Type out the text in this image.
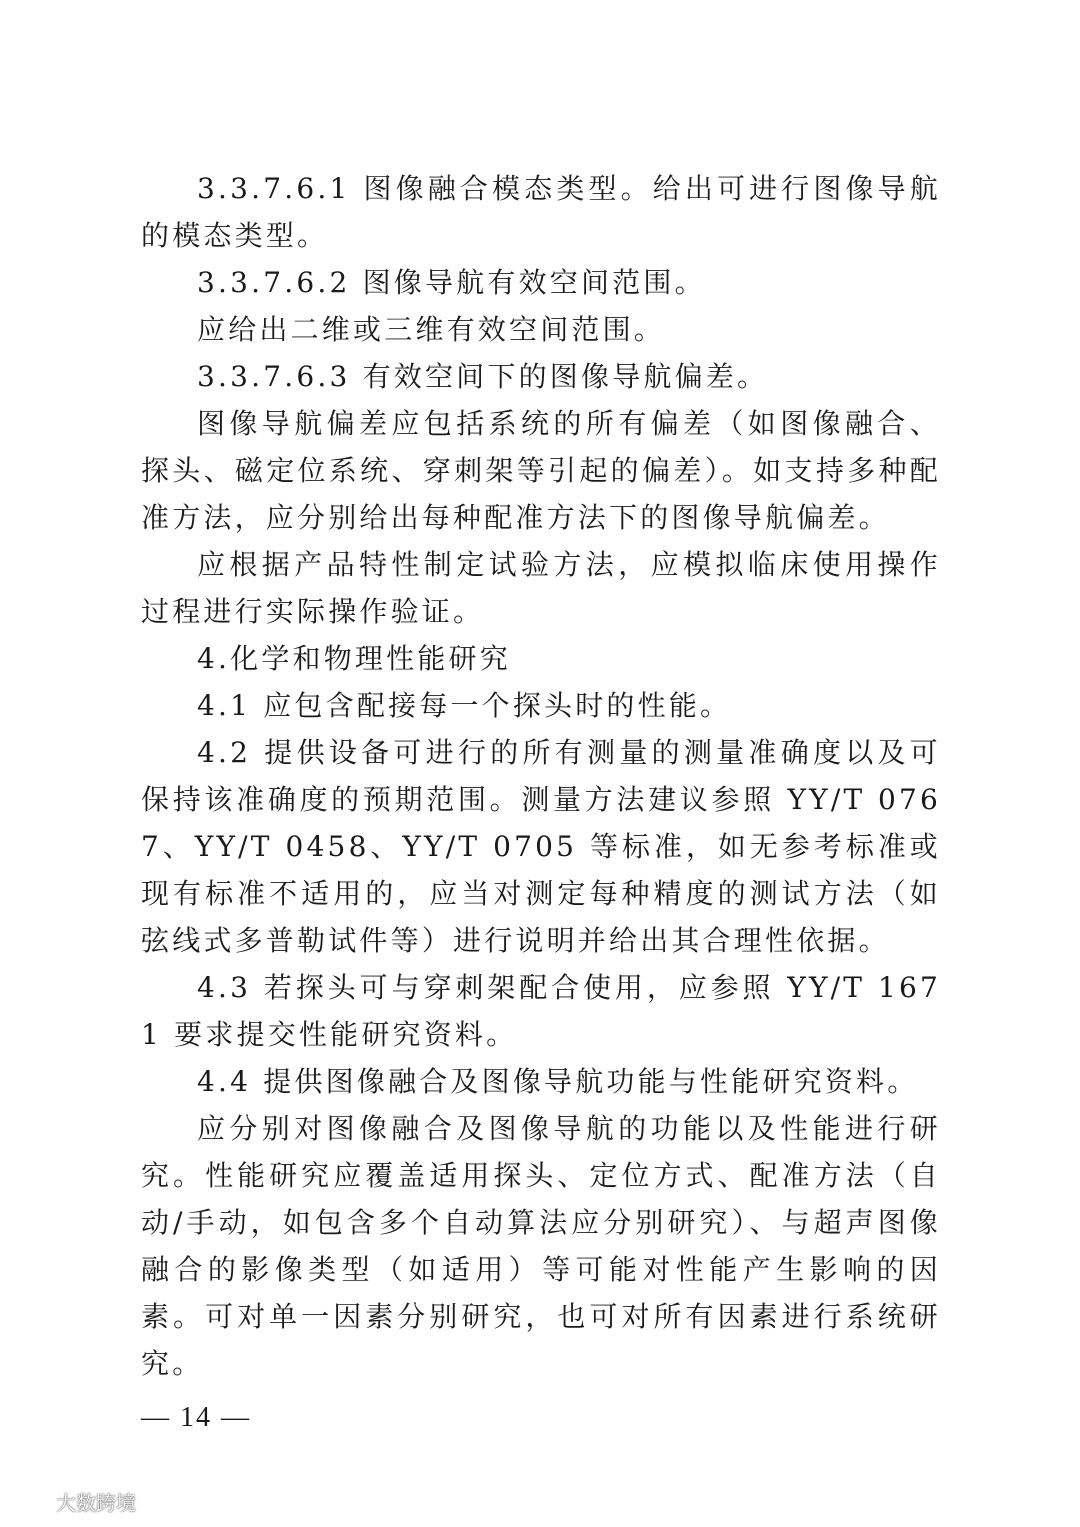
3.3.7.6.1 图像融合模态类型。给出可进行图像导航的模态类型。

3.3.7.6.2 图像导航有效空间范围。

应给出二维或三维有效空间范围。

3.3.7.6.3 有效空间下的图像导航偏差。

图像导航偏差应包括系统的所有偏差（如图像融合、探头、磁定位系统、穿刺架等引起的偏差）。如支持多种配准方法，应分别给出每种配准方法下的图像导航偏差。

应根据产品特性制定试验方法，应模拟临床使用操作过程进行实际操作验证。

4.化学和物理性能研究

4.1 应包含配接每一个探头时的性能。

4.2 提供设备可进行的所有测量的测量准确度以及可保持该准确度的预期范围。测量方法建议参照 YY/T 0767、YY/T 0458、YY/T 0705 等标准，如无参考标准或现有标准不适用的，应当对测定每种精度的测试方法（如弦线式多普勒试件等）进行说明并给出其合理性依据。

4.3 若探头可与穿刺架配合使用，应参照 YY/T 1671 要求提交性能研究资料。

4.4 提供图像融合及图像导航功能与性能研究资料。

应分别对图像融合及图像导航的功能以及性能进行研究。性能研究应覆盖适用探头、定位方式、配准方法（自动/手动，如包含多个自动算法应分别研究）、与超声图像融合的影像类型（如适用）等可能对性能产生影响的因素。可对单一因素分别研究，也可对所有因素进行系统研究。

— 14 —
大数跨境
